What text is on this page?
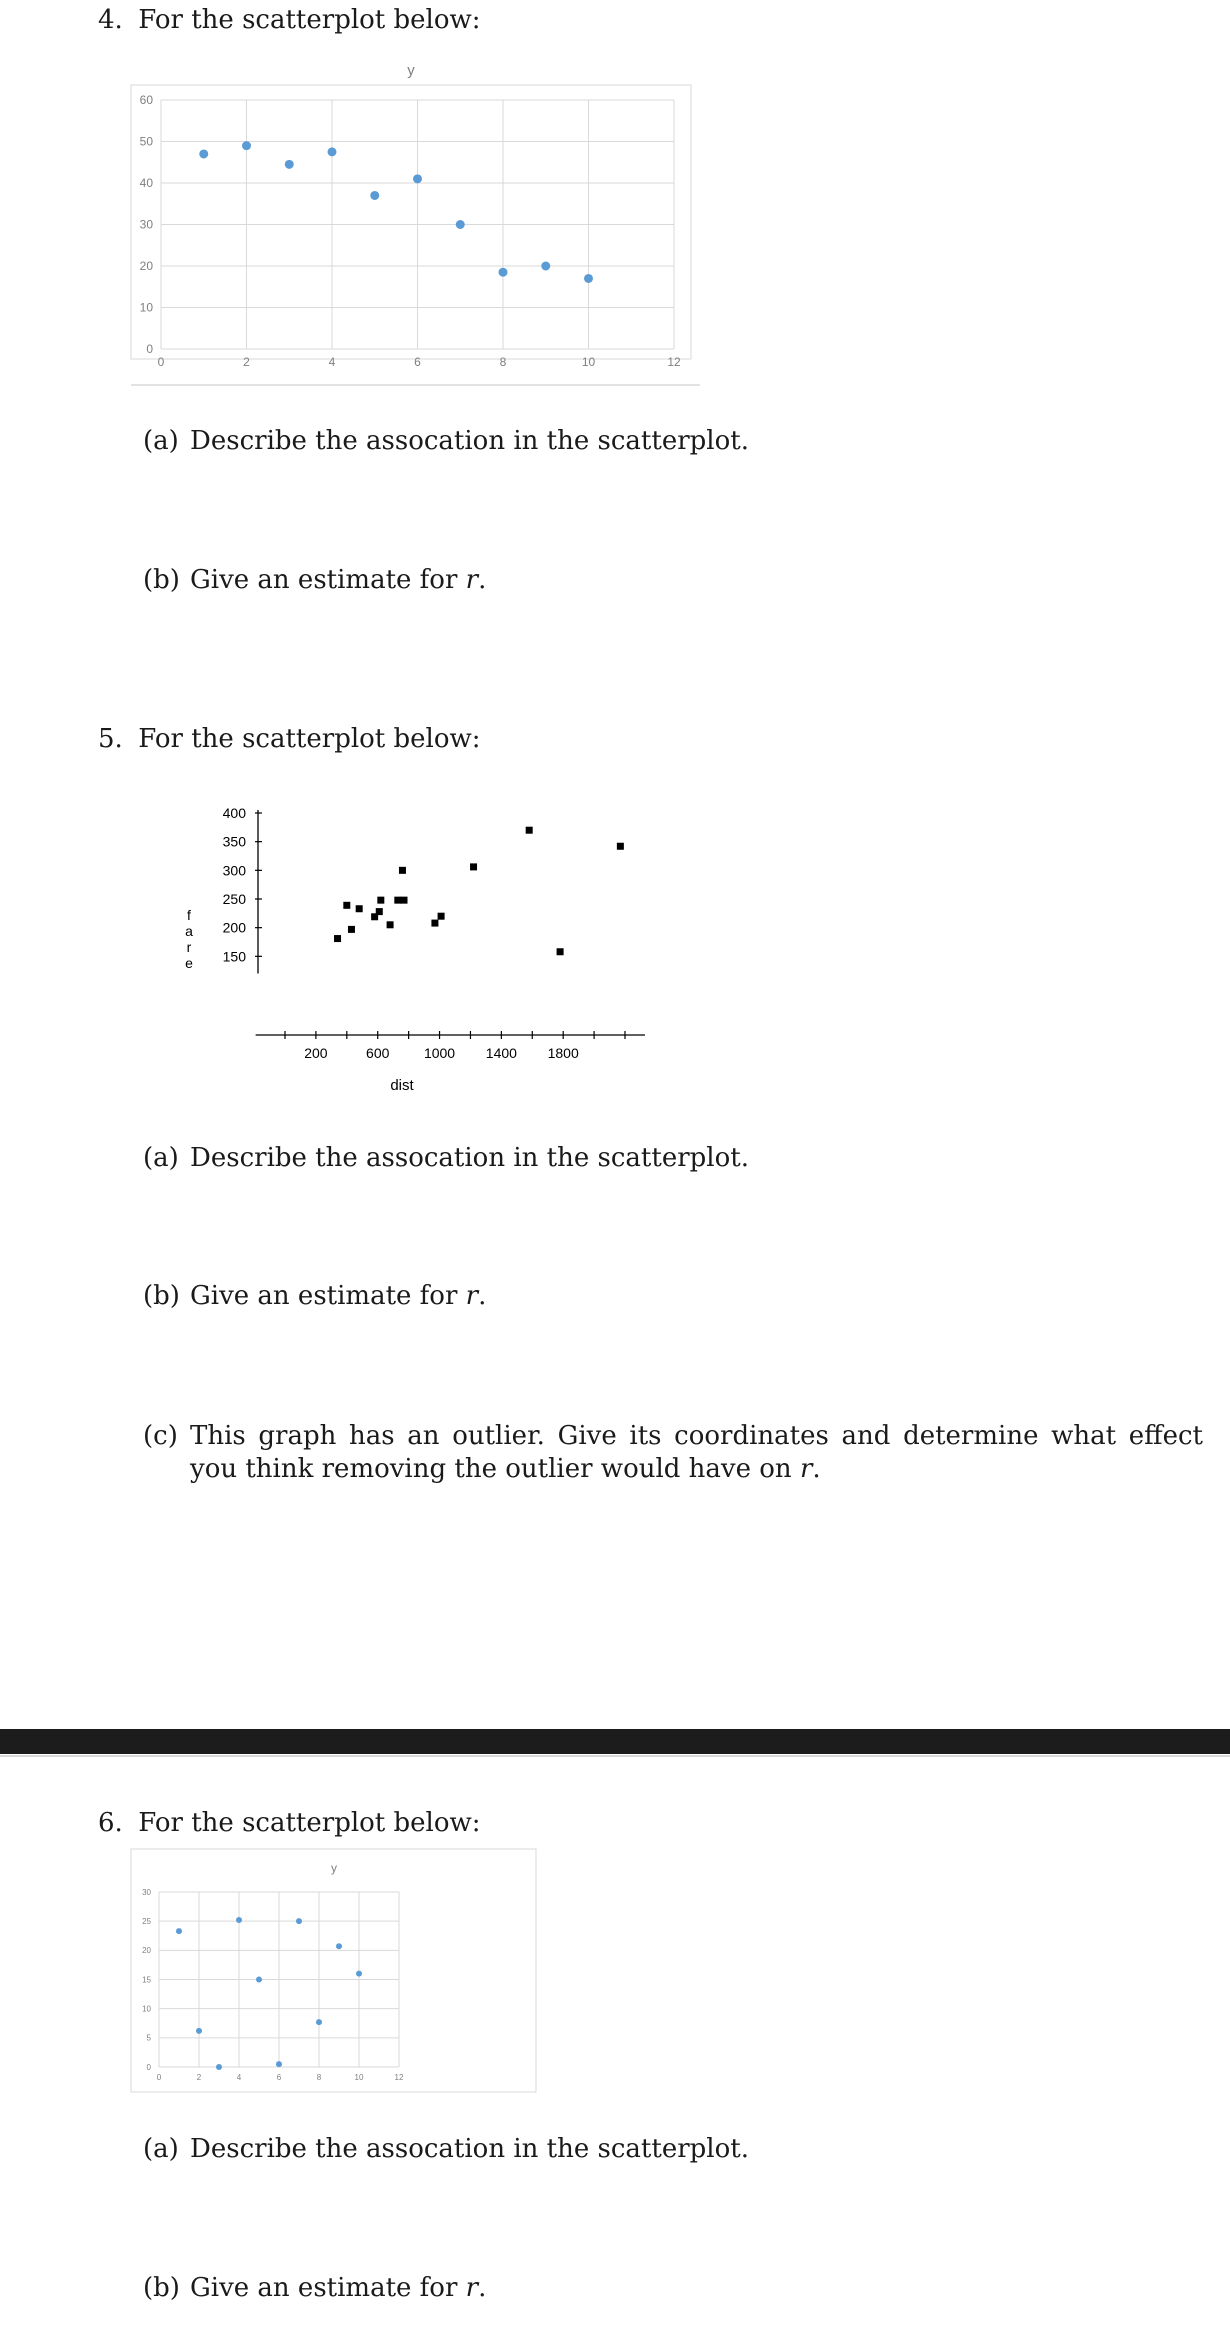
4. For the scatterplot below:
y
0
10
20
30
40
50
60
0	2	4	6	8	10	12
(a) Describe the assocation in the scatterplot.
(b) Give an estimate for r.
5. For the scatterplot below:
150
200
250
300
350
400
200	600 1000 1400 1800
dist
f
a
r
e
(a) Describe the assocation in the scatterplot.
(b) Give an estimate for r.
(c) This graph has an outlier. Give its coordinates and determine what effect you think removing the outlier would have on r.
6. For the scatterplot below:
y
0
5
10
15
20
25
30
0	2	4	6	8	10	12
(a) Describe the assocation in the scatterplot.
(b) Give an estimate for r.
